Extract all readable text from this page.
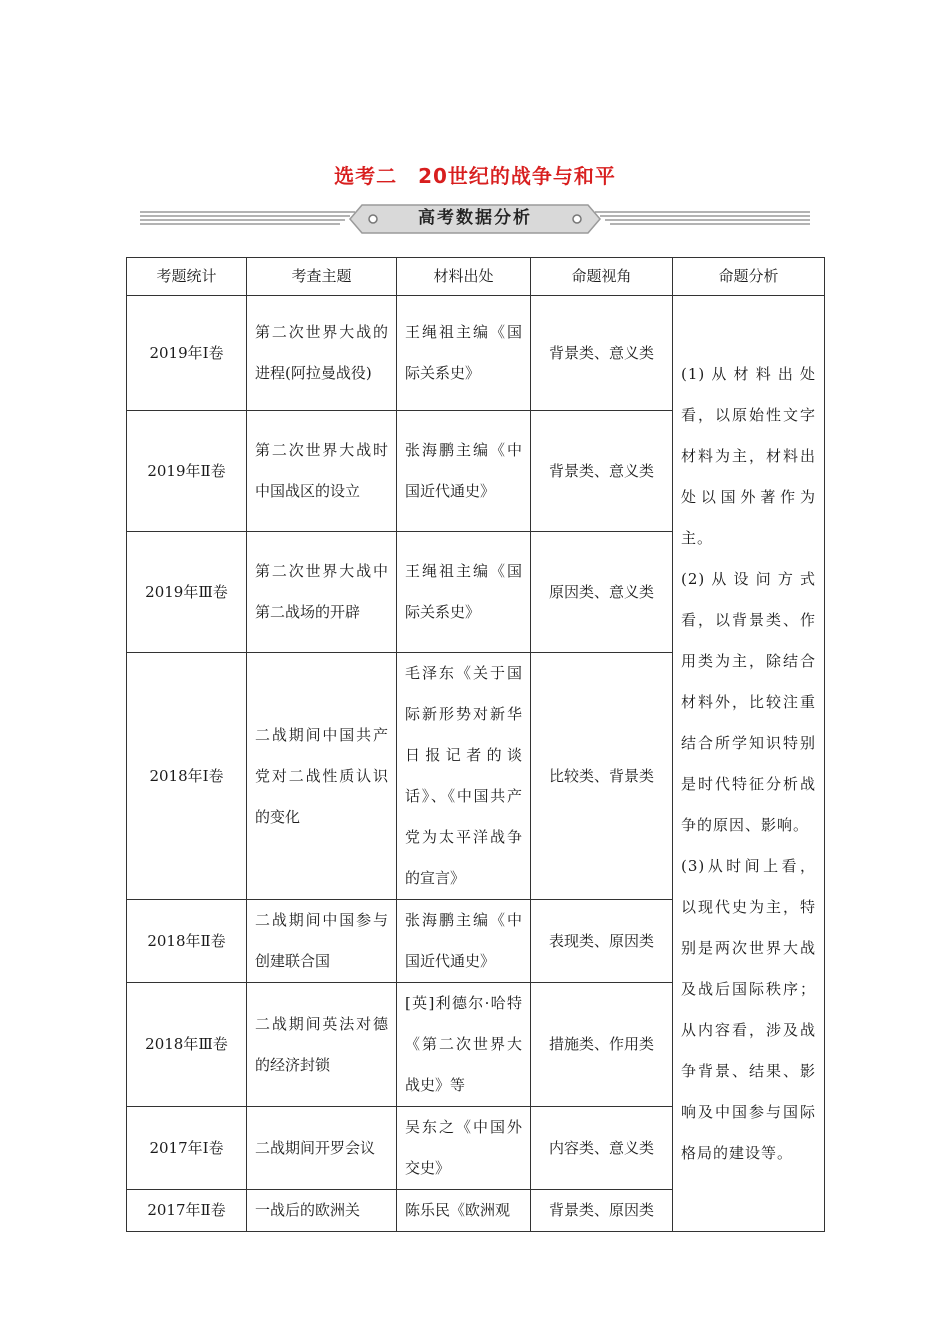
选考二　20世纪的战争与和平
高考数据分析
考题统计	考查主题	材料出处	命题视角	命题分析
2019年Ⅰ卷	第二次世界大战的进程(阿拉曼战役)	王绳祖主编《国际关系史》	背景类、意义类	(1)从材料出处看，以原始性文字材料为主，材料出处以国外著作为主。

(2)从设问方式看，以背景类、作用类为主，除结合材料外，比较注重结合所学知识特别是时代特征分析战争的原因、影响。

(3)从时间上看，以现代史为主，特别是两次世界大战及战后国际秩序；从内容看，涉及战争背景、结果、影响及中国参与国际格局的建设等。

2019年Ⅱ卷	第二次世界大战时中国战区的设立	张海鹏主编《中国近代通史》	背景类、意义类	
2019年Ⅲ卷	第二次世界大战中第二战场的开辟	王绳祖主编《国际关系史》	原因类、意义类	
2018年Ⅰ卷	二战期间中国共产党对二战性质认识的变化	毛泽东《关于国际新形势对新华日报记者的谈话》、《中国共产党为太平洋战争的宣言》	比较类、背景类	
2018年Ⅱ卷	二战期间中国参与创建联合国	张海鹏主编《中国近代通史》	表现类、原因类	
2018年Ⅲ卷	二战期间英法对德的经济封锁	[英]利德尔·哈特《第二次世界大战史》等	措施类、作用类	
2017年Ⅰ卷	二战期间开罗会议	吴东之《中国外交史》	内容类、意义类	
2017年Ⅱ卷	一战后的欧洲关	陈乐民《欧洲观	背景类、原因类	
